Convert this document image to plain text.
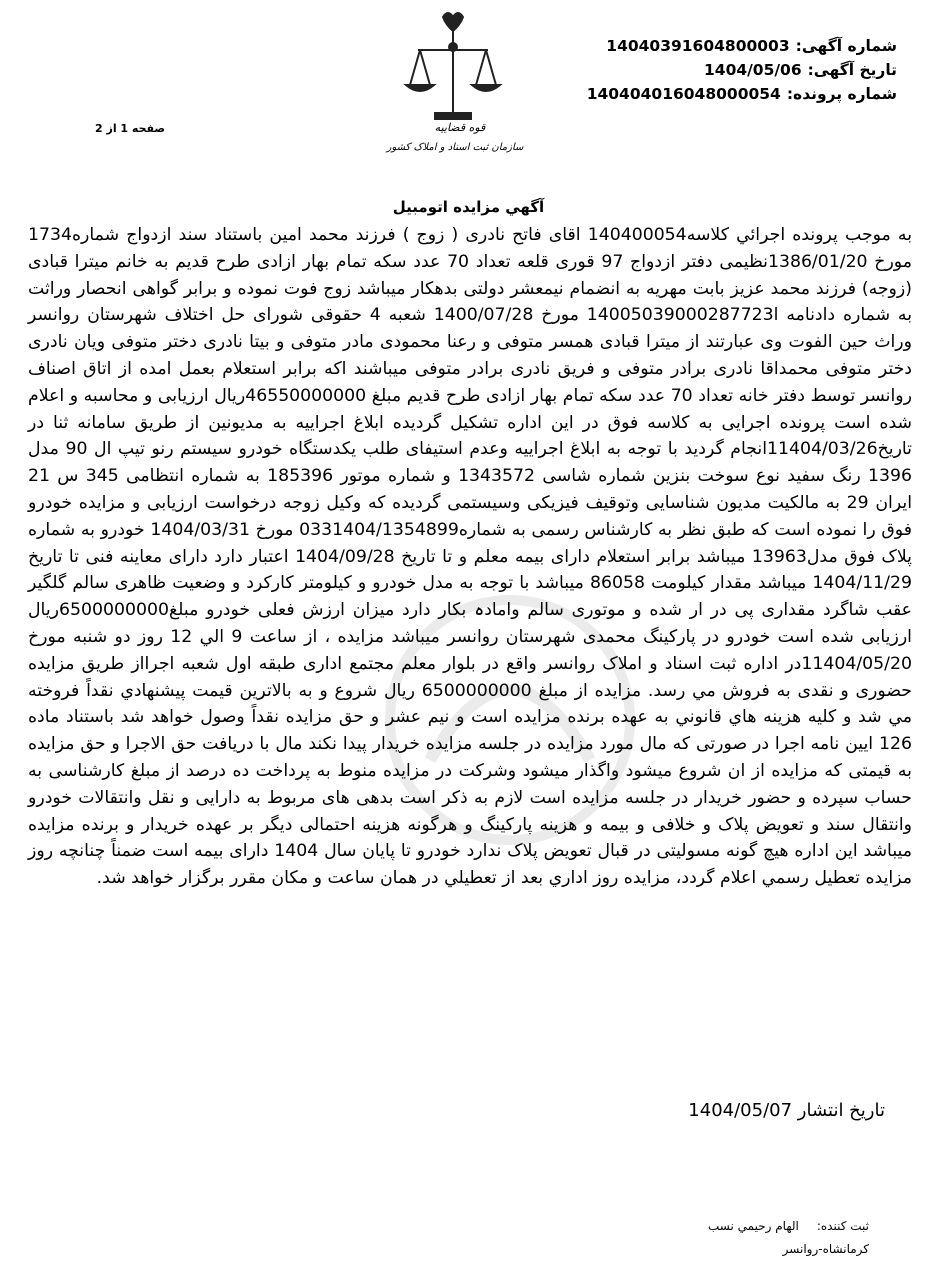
قوه قضاییه
سازمان ثبت اسناد و املاک کشور
شماره آگهی:14040391604800003
تاریخ آگهی:1404/05/06
شماره پرونده:140404016048000054
صفحه 1 از 2
آگهي مزايده اتومبيل
به موجب پرونده اجرائي كلاسه140400054 اقای فاتح نادری ( زوج ) فرزند محمد امین باستناد سند ازدواج شماره1734 مورخ 1386/01/20نظیمی دفتر ازدواج 97 قوری قلعه تعداد 70 عدد سکه تمام بهار ازادی طرح قدیم به خانم میترا قبادی (زوجه) فرزند محمد عزیز بابت مهریه به انضمام نیمعشر دولتی بدهکار میباشد زوج فوت نموده و برابر گواهی انحصار وراثت به شماره دادنامه 14005039000287723l مورخ 1400/07/28 شعبه 4 حقوقی شورای حل اختلاف شهرستان روانسر وراث حین الفوت وی عبارتند از میترا قبادی همسر متوفی و رعنا محمودی مادر متوفی و بیتا نادری دختر متوفی ویان نادری دختر متوفی محمداقا نادری برادر متوفی و فریق نادری برادر متوفی میباشند اکه برابر استعلام بعمل امده از اتاق اصناف روانسر توسط دفتر خانه تعداد 70 عدد سکه تمام بهار ازادی طرح قدیم مبلغ 46550000000ریال ارزیابی و محاسبه و اعلام شده است پرونده اجرایی به کلاسه فوق در این اداره تشکیل گردیده ابلاغ اجراییه به مدیونین از طریق سامانه ثنا در تاریخ11404/03/26انجام گردید با توجه به ابلاغ اجراییه وعدم استیفای طلب یکدستگاه خودرو سیستم رنو تیپ ال 90 مدل 1396 رنگ سفید نوع سوخت بنزین شماره شاسی 1343572 و شماره موتور 185396 به شماره انتظامی 345 س 21 ایران 29 به مالکیت مدیون شناسایی وتوقیف فیزیکی وسیستمی گردیده که وکیل زوجه درخواست ارزیابی و مزایده خودرو فوق را نموده است که طبق نظر به کارشناس رسمی به شماره0331404/1354899 مورخ 1404/03/31 خودرو به شماره پلاک فوق مدل13963 میباشد برابر استعلام دارای بیمه معلم و تا تاریخ 1404/09/28 اعتبار دارد دارای معاینه فنی تا تاریخ 1404/11/29 میباشد مقدار کیلومت 86058 میباشد با توجه به مدل خودرو و کیلومتر کارکرد و وضعیت ظاهری سالم گلگیر عقب شاگرد مقداری پی در ار شده و موتوری سالم وامادہ بکار دارد میزان ارزش فعلی خودرو مبلغ6500000000ریال ارزیابی شده است خودرو در پارکینگ محمدی شهرستان روانسر میباشد مزايده ، از ساعت 9 الي 12 روز دو شنبه مورخ 11404/05/20در اداره ثبت اسناد و املاک روانسر واقع در بلوار معلم مجتمع اداری طبقه اول شعبه اجرااز طریق مزایده حضوری و نقدی به فروش مي رسد. مزايده از مبلغ 6500000000 ريال شروع و به بالاترين قيمت پيشنهادي نقداً فروخته مي شد و كليه هزينه هاي قانوني به عهده برنده مزايده است و نيم عشر و حق مزايده نقداً وصول خواهد شد باستناد ماده 126 ایین نامه اجرا در صورتی که مال مورد مزایده در جلسه مزایده خریدار پیدا نکند مال با دریافت حق الاجرا و حق مزایده به قیمتی که مزایده از ان شروع میشود واگذار میشود وشرکت در مزایده منوط به پرداخت ده درصد از مبلغ کارشناسی به حساب سپرده و حضور خریدار در جلسه مزایده است لازم به ذکر است بدهی های مربوط به دارایی و نقل وانتقالات خودرو وانتقال سند و تعویض پلاک و خلافی و بیمه و هزینه پارکینگ و هرگونه هزینه احتمالی دیگر بر عهده خریدار و برنده مزایده میباشد این اداره هیچ گونه مسولیتی در قبال تعویض پلاک ندارد خودرو تا پایان سال 1404 دارای بیمه است ضمناً چنانچه روز مزايده تعطيل رسمي اعلام گردد، مزايده روز اداري بعد از تعطيلي در همان ساعت و مكان مقرر برگزار خواهد شد.
تاریخ انتشار 1404/05/07
ثبت کننده:الهام رحيمي نسب
کرمانشاه-روانسر
